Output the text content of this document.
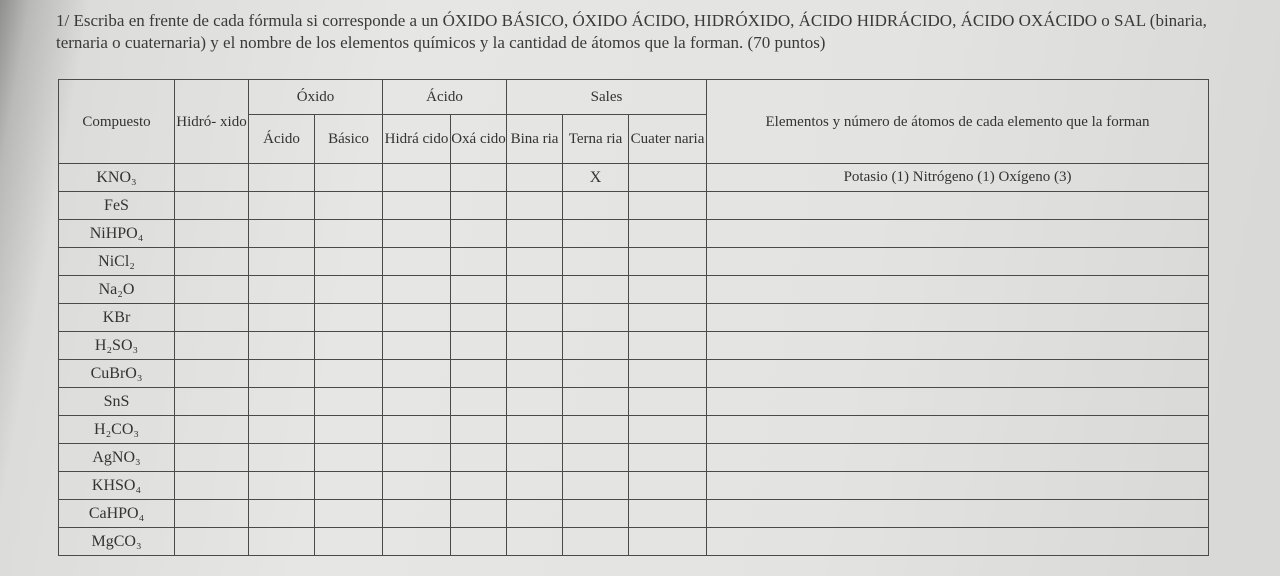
1/ Escriba en frente de cada fórmula si corresponde a un ÓXIDO BÁSICO, ÓXIDO ÁCIDO, HIDRÓXIDO, ÁCIDO HIDRÁCIDO, ÁCIDO OXÁCIDO o SAL (binaria, ternaria o cuaternaria) y el nombre de los elementos químicos y la cantidad de átomos que la forman. (70 puntos)

Compuesto	Hidró- xido	Óxido		Ácido		Sales			Elementos y número de átomos de cada elemento que la forman
		Ácido	Básico	Hidrá cido	Oxá cido	Bina ria	Terna ria	Cuater naria	
KNO₃							X		Potasio (1) Nitrógeno (1) Oxígeno (3)
FeS									
NiHPO₄									
NiCl₂									
Na₂O									
KBr									
H₂SO₃									
CuBrO₃									
SnS									
H₂CO₃									
AgNO₃									
KHSO₄									
CaHPO₄									
MgCO₃									
